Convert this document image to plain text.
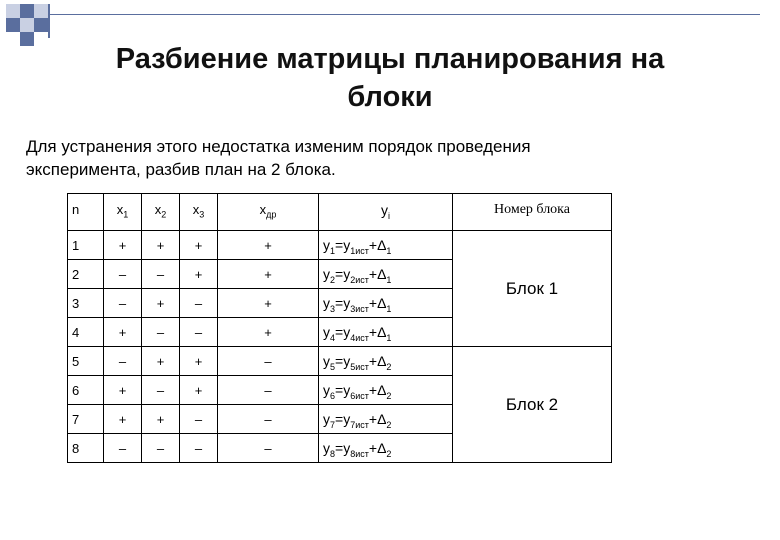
Разбиение матрицы планирования на
блоки
Для устранения этого недостатка изменим порядок проведения
эксперимента, разбив план на 2 блока.
n	$x_1$	$x_2$	$x_3$	$x_{др}$	$y_i$	Номер блока
1	+	+	+	+	$y_1=y_{1ист}+\Delta_1$	Блок 1
2	–	–	+	+	$y_2=y_{2ист}+\Delta_1$
3	–	+	–	+	$y_3=y_{3ист}+\Delta_1$
4	+	–	–	+	$y_4=y_{4ист}+\Delta_1$
5	–	+	+	–	$y_5=y_{5ист}+\Delta_2$	Блок 2
6	+	–	+	–	$y_6=y_{6ист}+\Delta_2$
7	+	+	–	–	$y_7=y_{7ист}+\Delta_2$
8	–	–	–	–	$y_8=y_{8ист}+\Delta_2$
